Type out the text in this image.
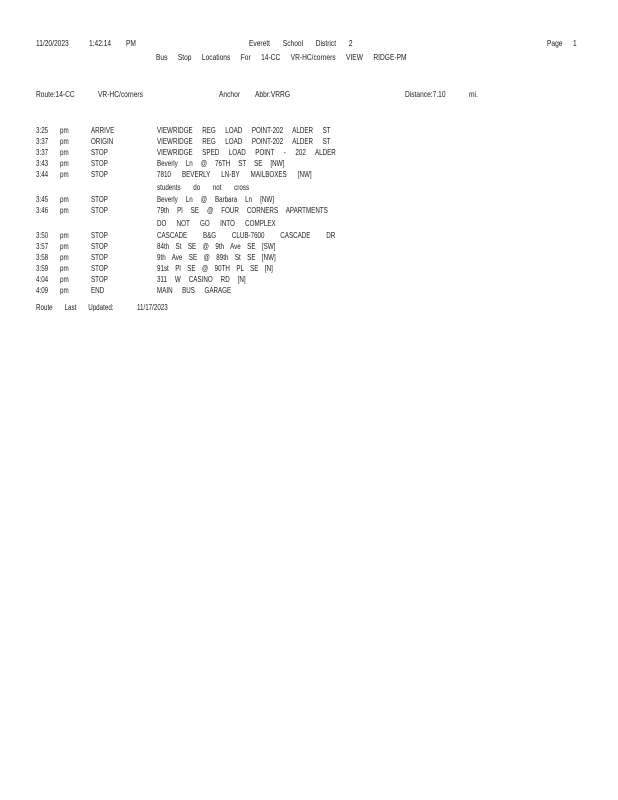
11/20/2023 1:42:14 PM	Everett School District 2	Page 1
Bus Stop Locations For 14-CC VR-HC/corners VIEW RIDGE-PM
Route:14-CC	VR-HC/corners	Anchor Abbr:VRRG	Distance:7.10	mi.
3:25 pm	ARRIVE	VIEWRIDGE REG LOAD POINT-202 ALDER ST
3:37 pm	ORIGIN	VIEWRIDGE REG LOAD POINT-202 ALDER ST
3:37 pm	STOP	VIEWRIDGE SPED LOAD POINT - 202 ALDER
3:43 pm	STOP	Beverly Ln @ 76TH ST SE [NW]
3:44 pm	STOP	7810 BEVERLY LN-BY MAILBOXES [NW]
students do not cross
3:45 pm	STOP	Beverly Ln @ Barbara Ln [NW]
3:46 pm	STOP	79th Pl SE @ FOUR CORNERS APARTMENTS
DO NOT GO INTO COMPLEX
3:50 pm	STOP	CASCADE B&G CLUB-7600 CASCADE DR
3:57 pm	STOP	84th St SE @ 9th Ave SE [SW]
3:58 pm	STOP	9th Ave SE @ 89th St SE [NW]
3:59 pm	STOP	91st Pl SE @ 90TH PL SE [N]
4:04 pm	STOP	311 W CASINO RD [N]
4:09 pm	END	MAIN BUS GARAGE
Route Last Updated:	11/17/2023
